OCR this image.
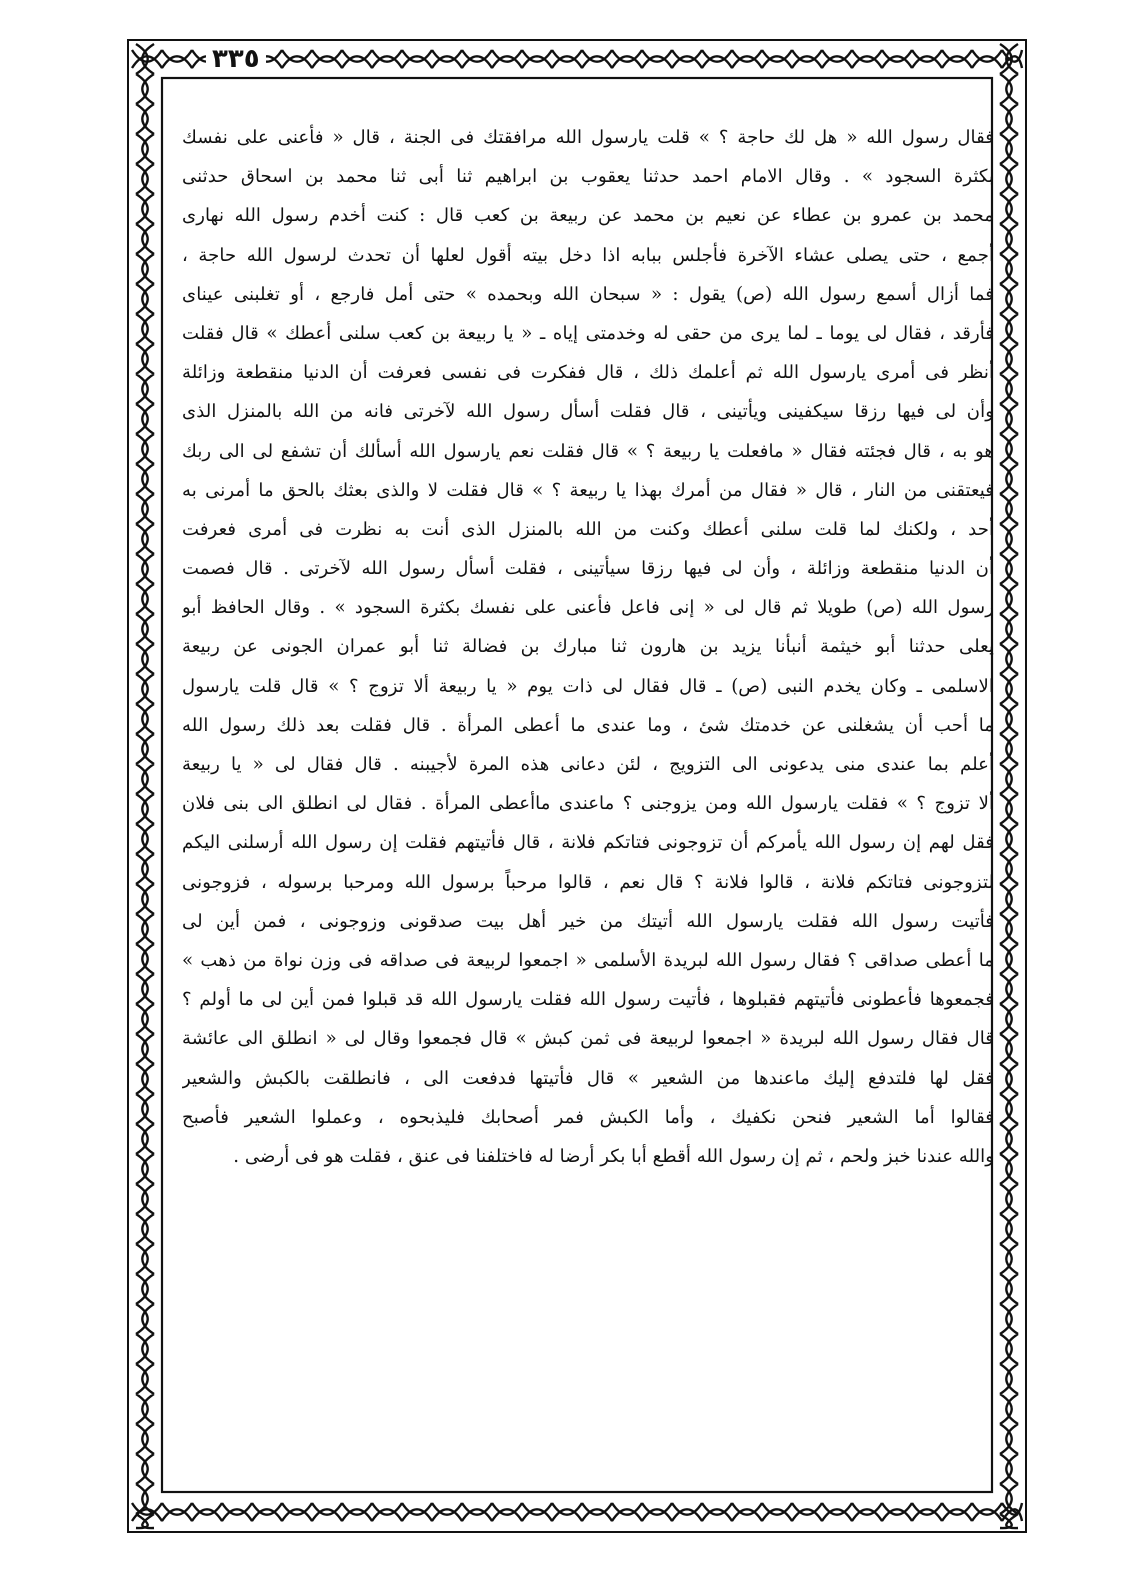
٣٣٥
فقال رسول الله « هل لك حاجة ؟ » قلت يارسول الله مرافقتك فى الجنة ، قال « فأعنى على نفسك
بكثرة السجود » . وقال الامام احمد حدثنا يعقوب بن ابراهيم ثنا أبى ثنا محمد بن اسحاق حدثنى
محمد بن عمرو بن عطاء عن نعيم بن محمد عن ربيعة بن كعب قال : كنت أخدم رسول الله نهارى
أجمع ، حتى يصلى عشاء الآخرة فأجلس ببابه اذا دخل بيته أقول لعلها أن تحدث لرسول الله حاجة ،
فما أزال أسمع رسول الله (ص) يقول : « سبحان الله وبحمده » حتى أمل فارجع ، أو تغلبنى عيناى
فأرقد ، فقال لى يوما ـ لما يرى من حقى له وخدمتى إياه ـ « يا ربيعة بن كعب سلنى أعطك » قال فقلت
أنظر فى أمرى يارسول الله ثم أعلمك ذلك ، قال ففكرت فى نفسى فعرفت أن الدنيا منقطعة وزائلة
وأن لى فيها رزقا سيكفينى ويأتينى ، قال فقلت أسأل رسول الله لآخرتى فانه من الله بالمنزل الذى
هو به ، قال فجئته فقال « مافعلت يا ربيعة ؟ » قال فقلت نعم يارسول الله أسألك أن تشفع لى الى ربك
فيعتقنى من النار ، قال « فقال من أمرك بهذا يا ربيعة ؟ » قال فقلت لا والذى بعثك بالحق ما أمرنى به
أحد ، ولكنك لما قلت سلنى أعطك وكنت من الله بالمنزل الذى أنت به نظرت فى أمرى فعرفت
أن الدنيا منقطعة وزائلة ، وأن لى فيها رزقا سيأتينى ، فقلت أسأل رسول الله لآخرتى . قال فصمت
رسول الله (ص) طويلا ثم قال لى « إنى فاعل فأعنى على نفسك بكثرة السجود » . وقال الحافظ أبو
يعلى حدثنا أبو خيثمة أنبأنا يزيد بن هارون ثنا مبارك بن فضالة ثنا أبو عمران الجونى عن ربيعة
الاسلمى ـ وكان يخدم النبى (ص) ـ قال فقال لى ذات يوم « يا ربيعة ألا تزوج ؟ » قال قلت يارسول
ما أحب أن يشغلنى عن خدمتك شئ ، وما عندى ما أعطى المرأة . قال فقلت بعد ذلك رسول الله
أعلم بما عندى منى يدعونى الى التزويج ، لئن دعانى هذه المرة لأجيبنه . قال فقال لى « يا ربيعة
ألا تزوج ؟ » فقلت يارسول الله ومن يزوجنى ؟ ماعندى ماأعطى المرأة . فقال لى انطلق الى بنى فلان
فقل لهم إن رسول الله يأمركم أن تزوجونى فتاتكم فلانة ، قال فأتيتهم فقلت إن رسول الله أرسلنى اليكم
لتزوجونى فتاتكم فلانة ، قالوا فلانة ؟ قال نعم ، قالوا مرحباً برسول الله ومرحبا برسوله ، فزوجونى
فأتيت رسول الله فقلت يارسول الله أتيتك من خير أهل بيت صدقونى وزوجونى ، فمن أين لى
ما أعطى صداقى ؟ فقال رسول الله لبريدة الأسلمى « اجمعوا لربيعة فى صداقه فى وزن نواة من ذهب »
فجمعوها فأعطونى فأتيتهم فقبلوها ، فأتيت رسول الله فقلت يارسول الله قد قبلوا فمن أين لى ما أولم ؟
قال فقال رسول الله لبريدة « اجمعوا لربيعة فى ثمن كبش » قال فجمعوا وقال لى « انطلق الى عائشة
فقل لها فلتدفع إليك ماعندها من الشعير » قال فأتيتها فدفعت الى ، فانطلقت بالكبش والشعير
فقالوا أما الشعير فنحن نكفيك ، وأما الكبش فمر أصحابك فليذبحوه ، وعملوا الشعير فأصبح
والله عندنا خبز ولحم ، ثم إن رسول الله أقطع أبا بكر أرضا له فاختلفنا فى عنق ، فقلت هو فى أرضى .
